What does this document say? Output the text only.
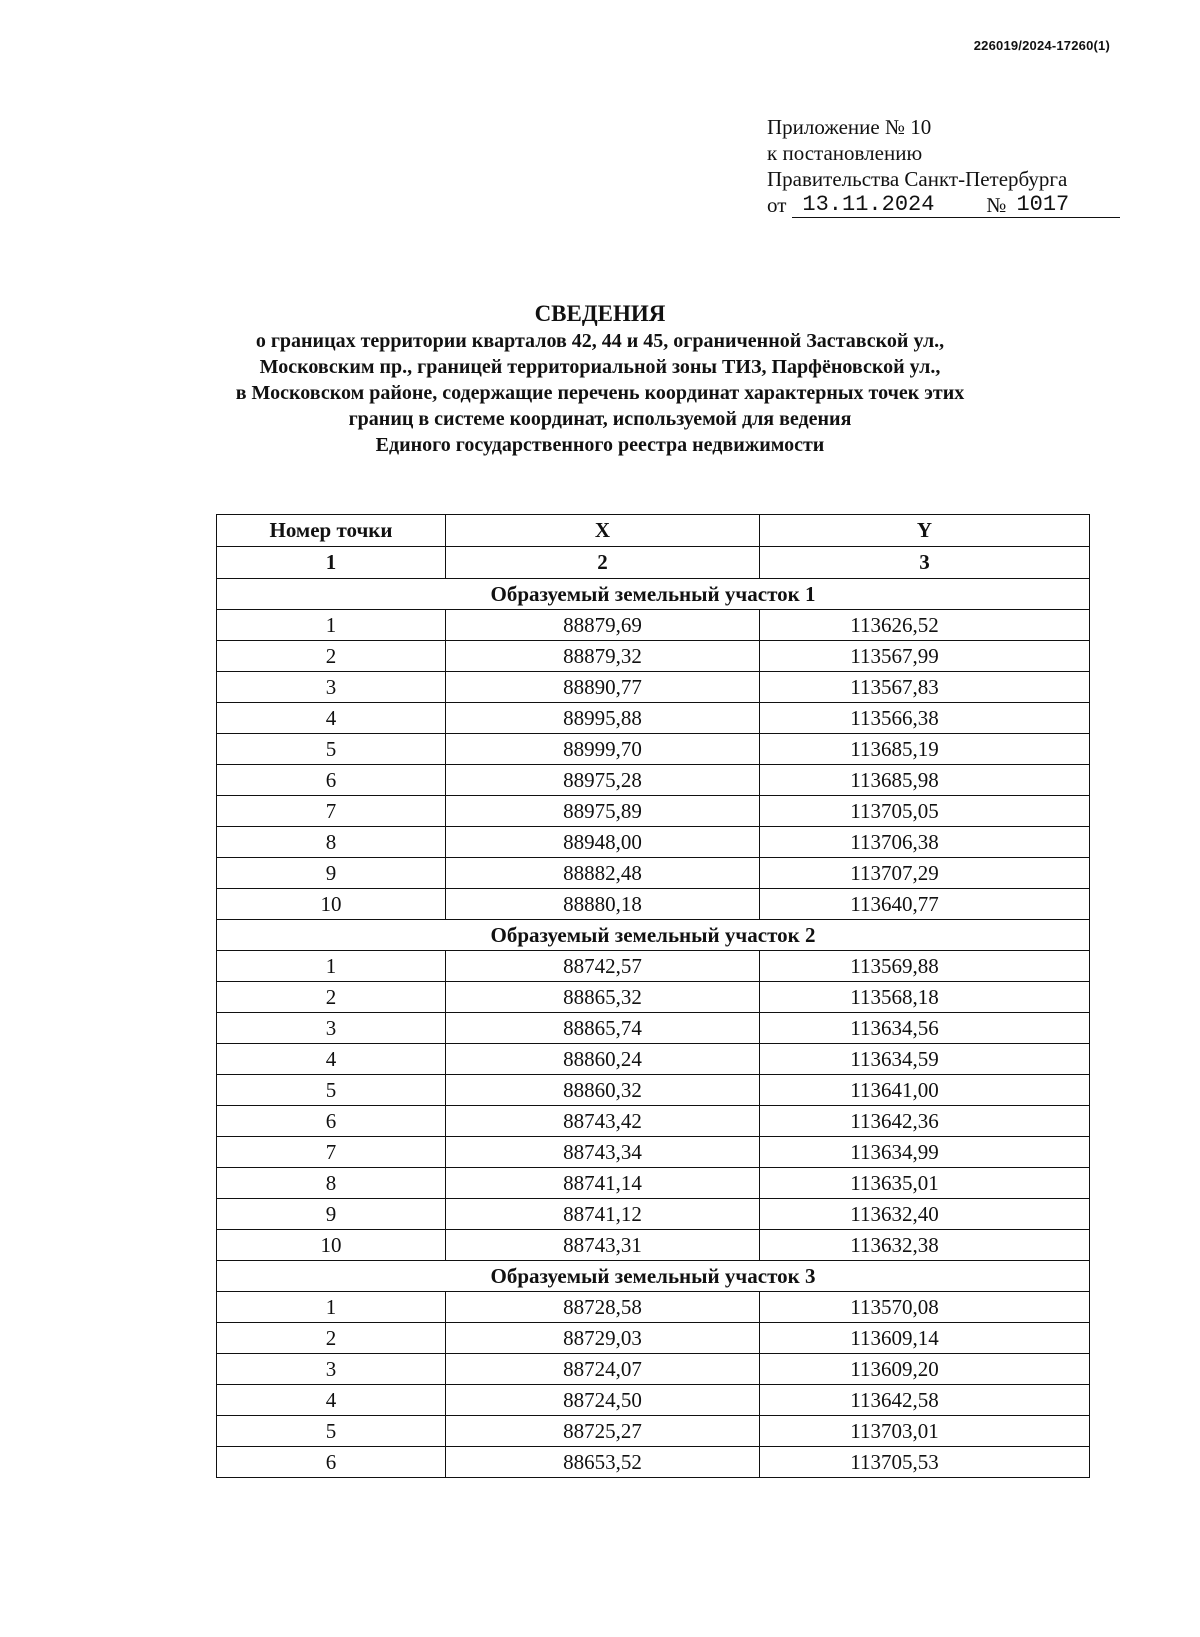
226019/2024-17260(1)
Приложение № 10
к постановлению
Правительства Санкт-Петербурга
от 13.11.2024	№ 1017
СВЕДЕНИЯ
о границах территории кварталов 42, 44 и 45, ограниченной Заставской ул.,
Московским пр., границей территориальной зоны ТИЗ, Парфёновской ул.,
в Московском районе, содержащие перечень координат характерных точек этих
границ в системе координат, используемой для ведения
Единого государственного реестра недвижимости
Номер точки	X	Y
1	2	3
Образуемый земельный участок 1		
1	88879,69	113626,52
2	88879,32	113567,99
3	88890,77	113567,83
4	88995,88	113566,38
5	88999,70	113685,19
6	88975,28	113685,98
7	88975,89	113705,05
8	88948,00	113706,38
9	88882,48	113707,29
10	88880,18	113640,77
Образуемый земельный участок 2		
1	88742,57	113569,88
2	88865,32	113568,18
3	88865,74	113634,56
4	88860,24	113634,59
5	88860,32	113641,00
6	88743,42	113642,36
7	88743,34	113634,99
8	88741,14	113635,01
9	88741,12	113632,40
10	88743,31	113632,38
Образуемый земельный участок 3		
1	88728,58	113570,08
2	88729,03	113609,14
3	88724,07	113609,20
4	88724,50	113642,58
5	88725,27	113703,01
6	88653,52	113705,53
